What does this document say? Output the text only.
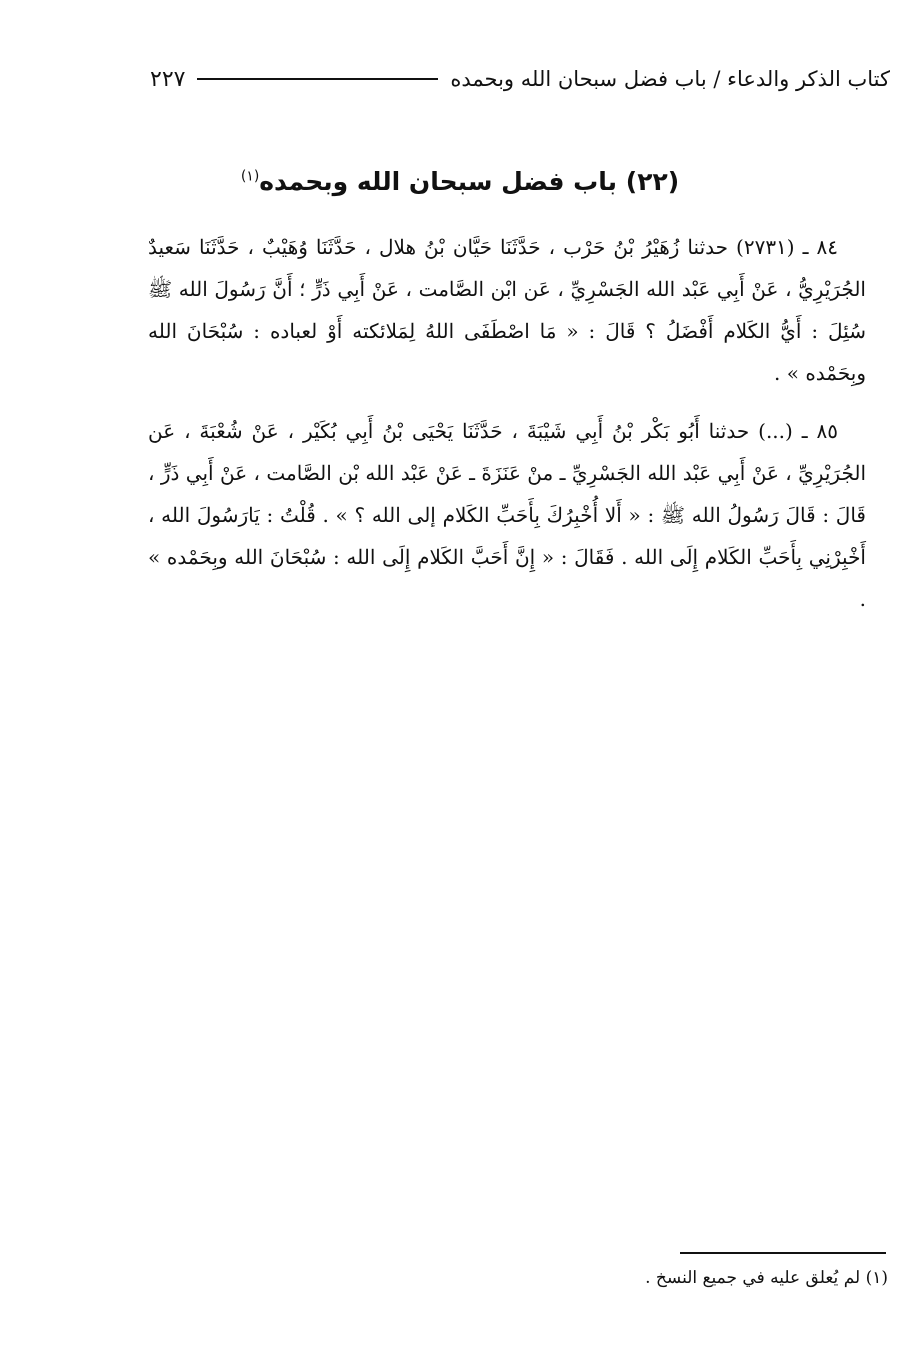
كتاب الذكر والدعاء / باب فضل سبحان الله وبحمده
٢٢٧
(٢٢) باب فضل سبحان الله وبحمده$^{(١)}$

٨٤ ـ (٢٧٣١) حدثنا زُهَيْرُ بْنُ حَرْب ، حَدَّثَنَا حَيَّان بْنُ هلال ، حَدَّثَنَا وُهَيْبٌ ، حَدَّثَنَا سَعيدٌ الجُرَيْرِيُّ ، عَنْ أَبِي عَبْد الله الجَسْرِيِّ ، عَن ابْن الصَّامت ، عَنْ أَبِي ذَرٍّ ؛ أَنَّ رَسُولَ الله ﷺ سُئِلَ : أَيُّ الكَلام أَفْضَلُ ؟ قَالَ : « مَا اصْطَفَى اللهُ لِمَلائكته أَوْ لعباده : سُبْحَانَ الله وبِحَمْده » .

٨٥ ـ (...) حدثنا أَبُو بَكْر بْنُ أَبِي شَيْبَةَ ، حَدَّثَنَا يَحْيَى بْنُ أَبِي بُكَيْر ، عَنْ شُعْبَةَ ، عَن الجُرَيْرِيِّ ، عَنْ أَبِي عَبْد الله الجَسْرِيِّ ـ منْ عَنَزَةَ ـ عَنْ عَبْد الله بْن الصَّامت ، عَنْ أَبِي ذَرٍّ ، قَالَ : قَالَ رَسُولُ الله ﷺ : « أَلا أُخْبِرُكَ بِأَحَبِّ الكَلام إلى الله ؟ » . قُلْتُ : يَارَسُولَ الله ، أَخْبِرْنِي بِأَحَبِّ الكَلام إِلَى الله . فَقَالَ : « إِنَّ أَحَبَّ الكَلام إِلَى الله : سُبْحَانَ الله وبِحَمْده » .

(١) لم يُعلق عليه في جميع النسخ .
